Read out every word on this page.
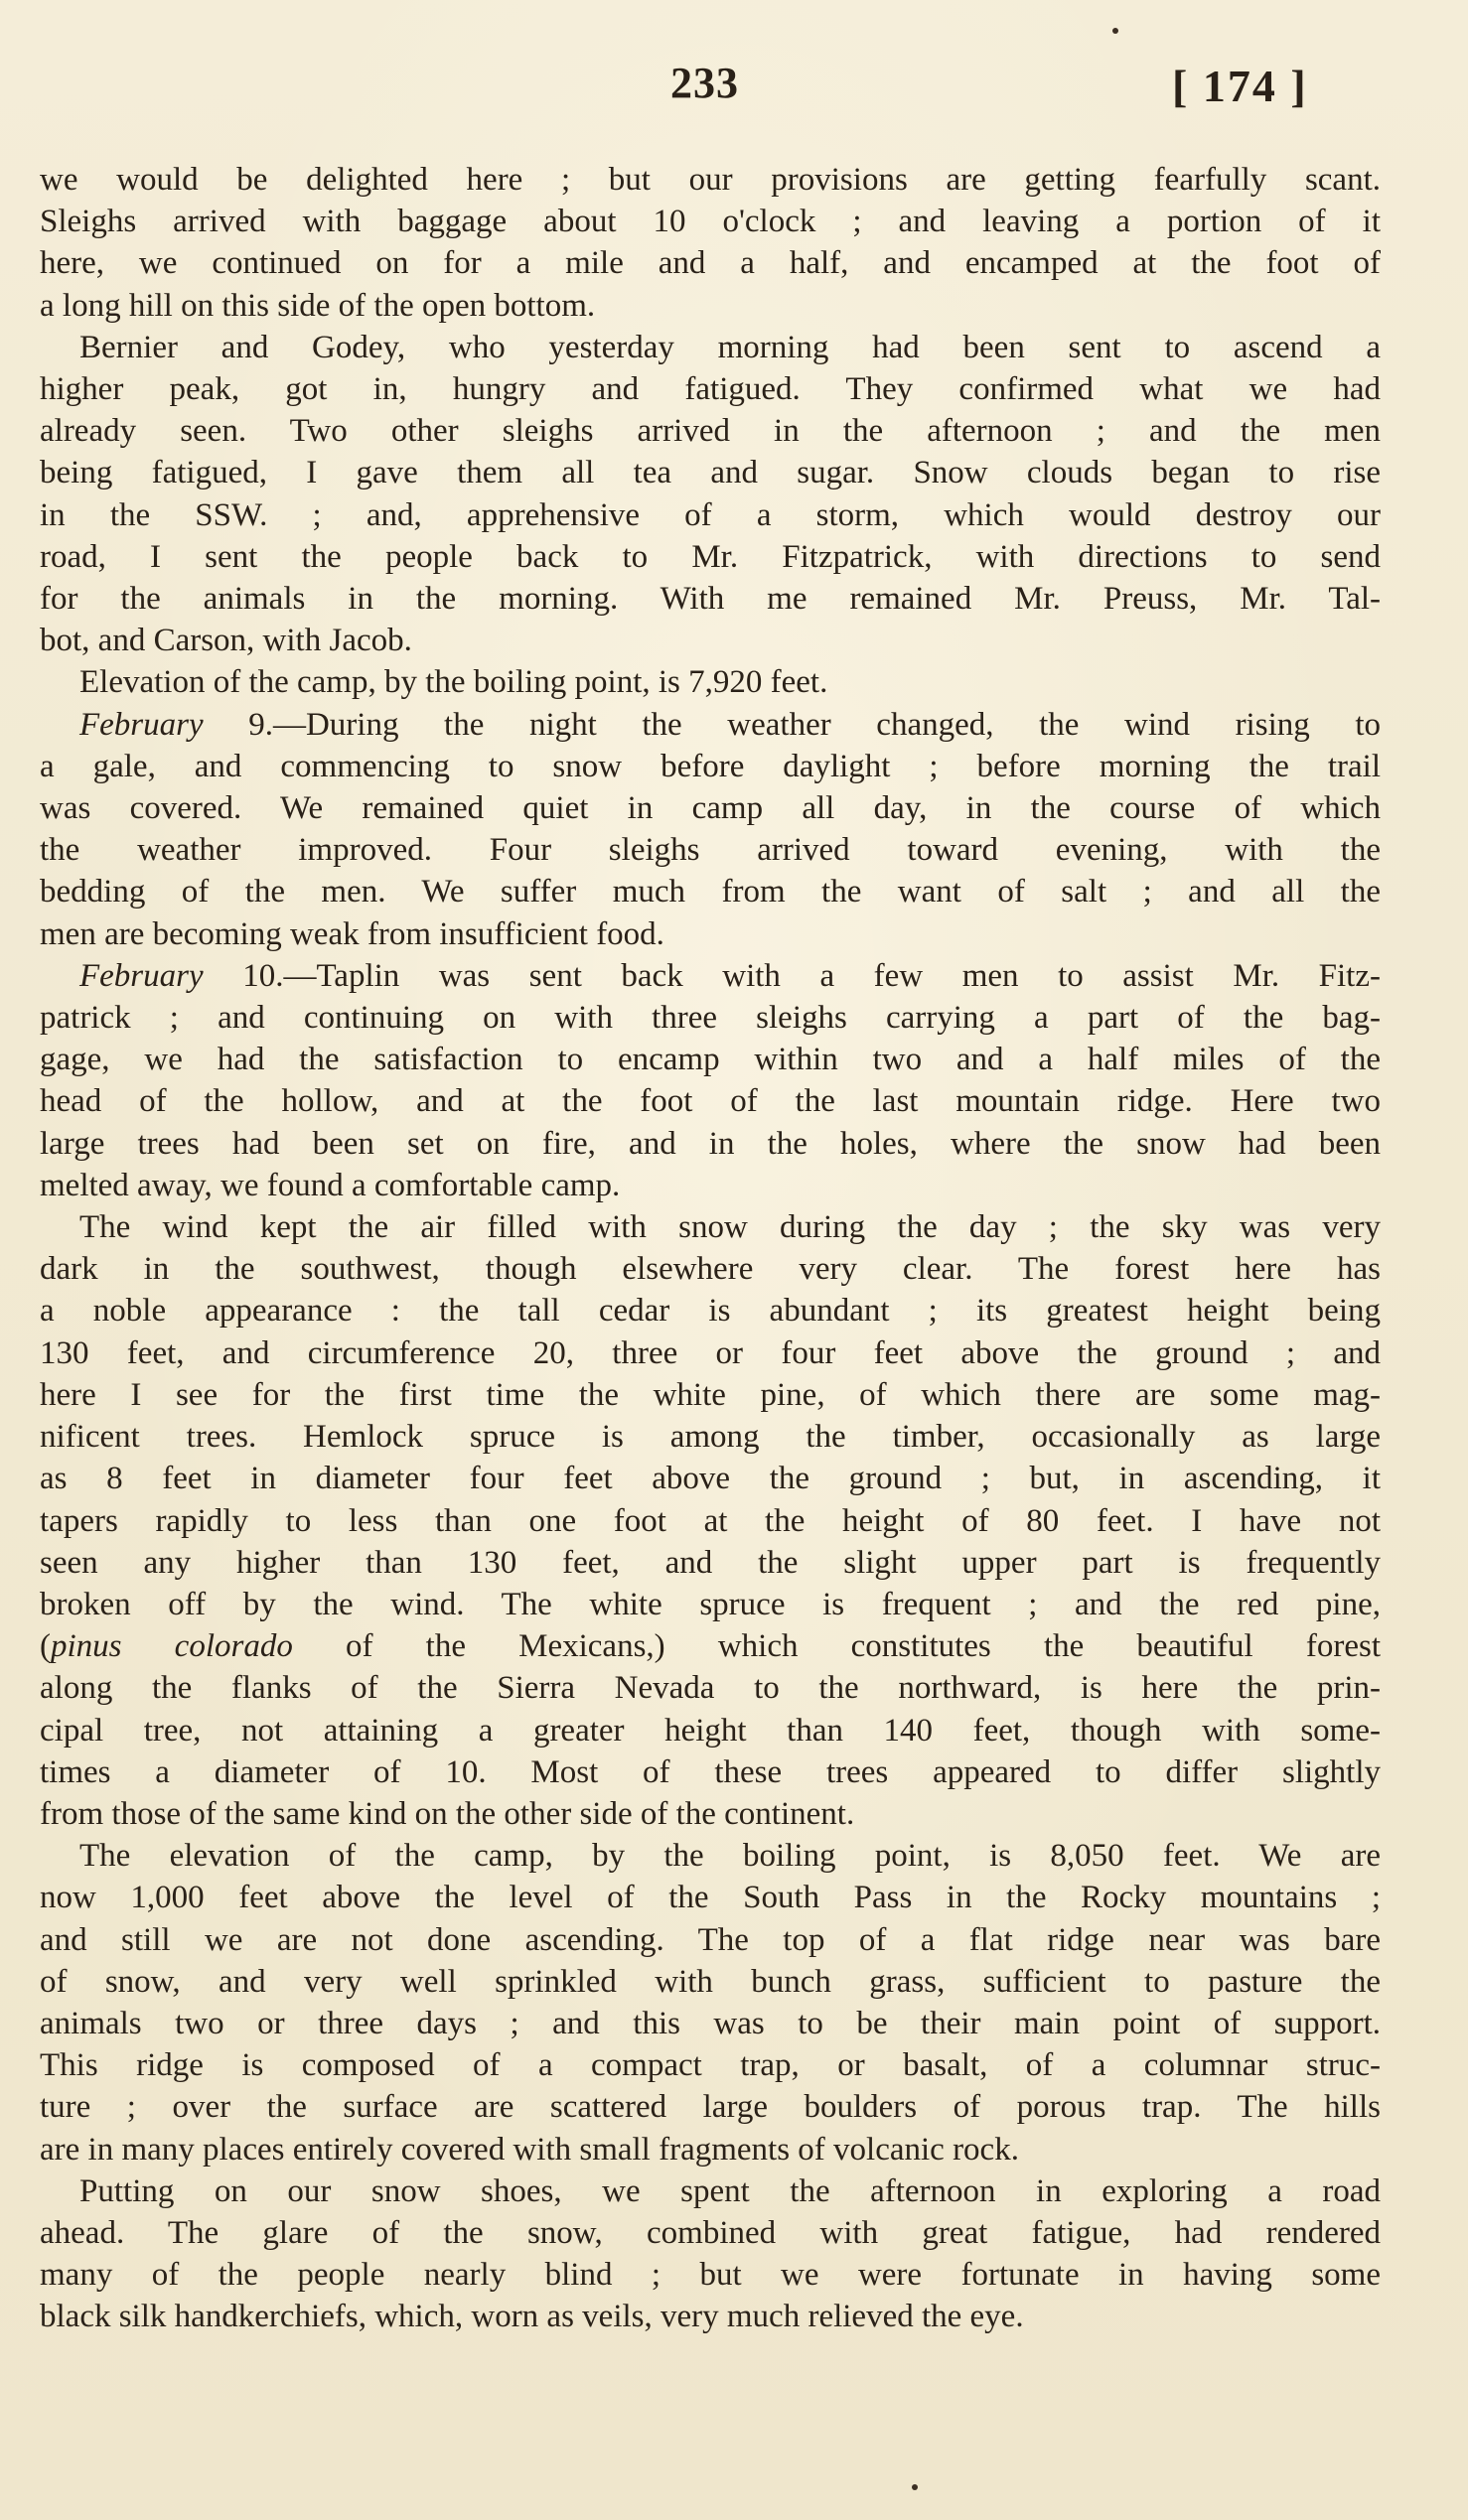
233	[ 174 ]
we would be delighted here ; but our provisions are getting fearfully scant.
Sleighs arrived with baggage about 10 o'clock ; and leaving a portion of it
here, we continued on for a mile and a half, and encamped at the foot of
a long hill on this side of the open bottom.
Bernier and Godey, who yesterday morning had been sent to ascend a
higher peak, got in, hungry and fatigued. They confirmed what we had
already seen. Two other sleighs arrived in the afternoon ; and the men
being fatigued, I gave them all tea and sugar. Snow clouds began to rise
in the SSW. ; and, apprehensive of a storm, which would destroy our
road, I sent the people back to Mr. Fitzpatrick, with directions to send
for the animals in the morning. With me remained Mr. Preuss, Mr. Tal-
bot, and Carson, with Jacob.
Elevation of the camp, by the boiling point, is 7,920 feet.
February 9.—During the night the weather changed, the wind rising to
a gale, and commencing to snow before daylight ; before morning the trail
was covered. We remained quiet in camp all day, in the course of which
the weather improved. Four sleighs arrived toward evening, with the
bedding of the men. We suffer much from the want of salt ; and all the
men are becoming weak from insufficient food.
February 10.—Taplin was sent back with a few men to assist Mr. Fitz-
patrick ; and continuing on with three sleighs carrying a part of the bag-
gage, we had the satisfaction to encamp within two and a half miles of the
head of the hollow, and at the foot of the last mountain ridge. Here two
large trees had been set on fire, and in the holes, where the snow had been
melted away, we found a comfortable camp.
The wind kept the air filled with snow during the day ; the sky was very
dark in the southwest, though elsewhere very clear. The forest here has
a noble appearance : the tall cedar is abundant ; its greatest height being
130 feet, and circumference 20, three or four feet above the ground ; and
here I see for the first time the white pine, of which there are some mag-
nificent trees. Hemlock spruce is among the timber, occasionally as large
as 8 feet in diameter four feet above the ground ; but, in ascending, it
tapers rapidly to less than one foot at the height of 80 feet. I have not
seen any higher than 130 feet, and the slight upper part is frequently
broken off by the wind. The white spruce is frequent ; and the red pine,
(pinus colorado of the Mexicans,) which constitutes the beautiful forest
along the flanks of the Sierra Nevada to the northward, is here the prin-
cipal tree, not attaining a greater height than 140 feet, though with some-
times a diameter of 10. Most of these trees appeared to differ slightly
from those of the same kind on the other side of the continent.
The elevation of the camp, by the boiling point, is 8,050 feet. We are
now 1,000 feet above the level of the South Pass in the Rocky mountains ;
and still we are not done ascending. The top of a flat ridge near was bare
of snow, and very well sprinkled with bunch grass, sufficient to pasture the
animals two or three days ; and this was to be their main point of support.
This ridge is composed of a compact trap, or basalt, of a columnar struc-
ture ; over the surface are scattered large boulders of porous trap. The hills
are in many places entirely covered with small fragments of volcanic rock.
Putting on our snow shoes, we spent the afternoon in exploring a road
ahead. The glare of the snow, combined with great fatigue, had rendered
many of the people nearly blind ; but we were fortunate in having some
black silk handkerchiefs, which, worn as veils, very much relieved the eye.
